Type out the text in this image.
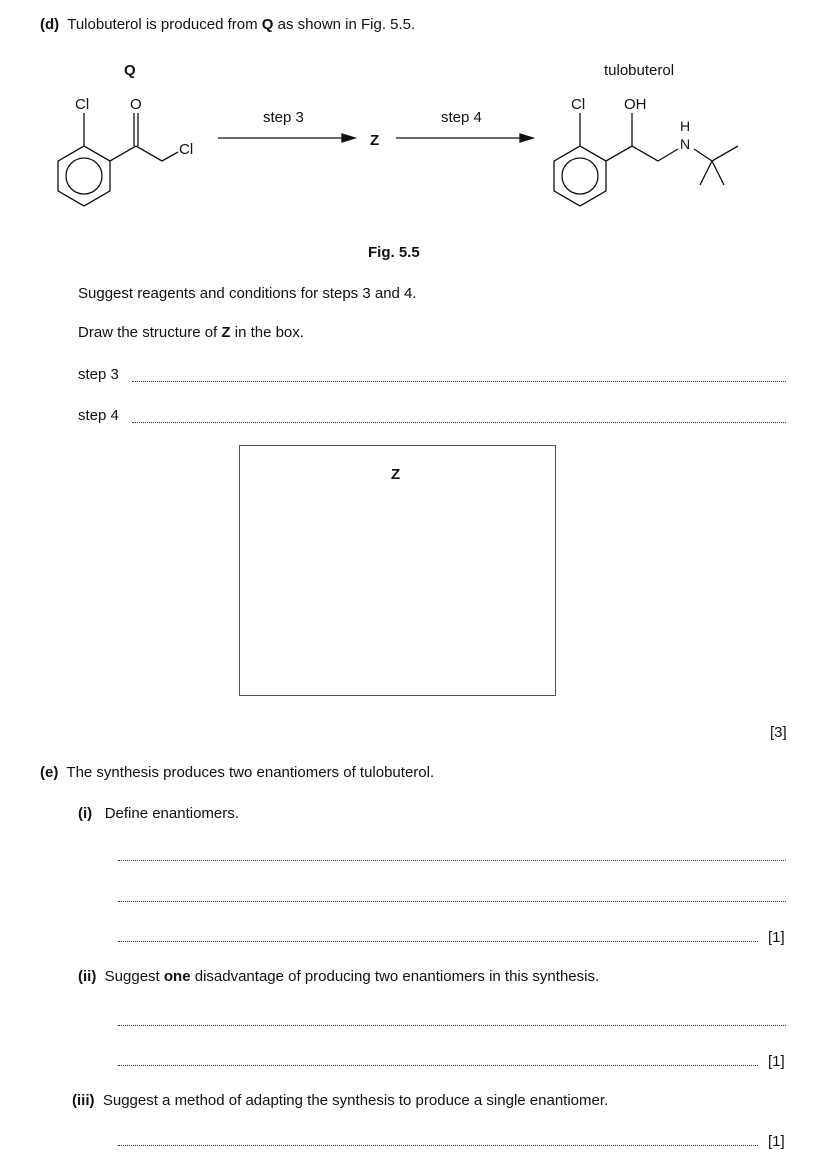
(d) Tulobuterol is produced from Q as shown in Fig. 5.5.
Q	tulobuterol
Cl	O
Cl
step 3
Z
step 4
Cl	OH
H
N
Fig. 5.5
Suggest reagents and conditions for steps 3 and 4.
Draw the structure of Z in the box.
step 3
step 4
Z
[3]
(e) The synthesis produces two enantiomers of tulobuterol.
(i) Define enantiomers.
[1]
(ii) Suggest one disadvantage of producing two enantiomers in this synthesis.
[1]
(iii) Suggest a method of adapting the synthesis to produce a single enantiomer.
[1]
